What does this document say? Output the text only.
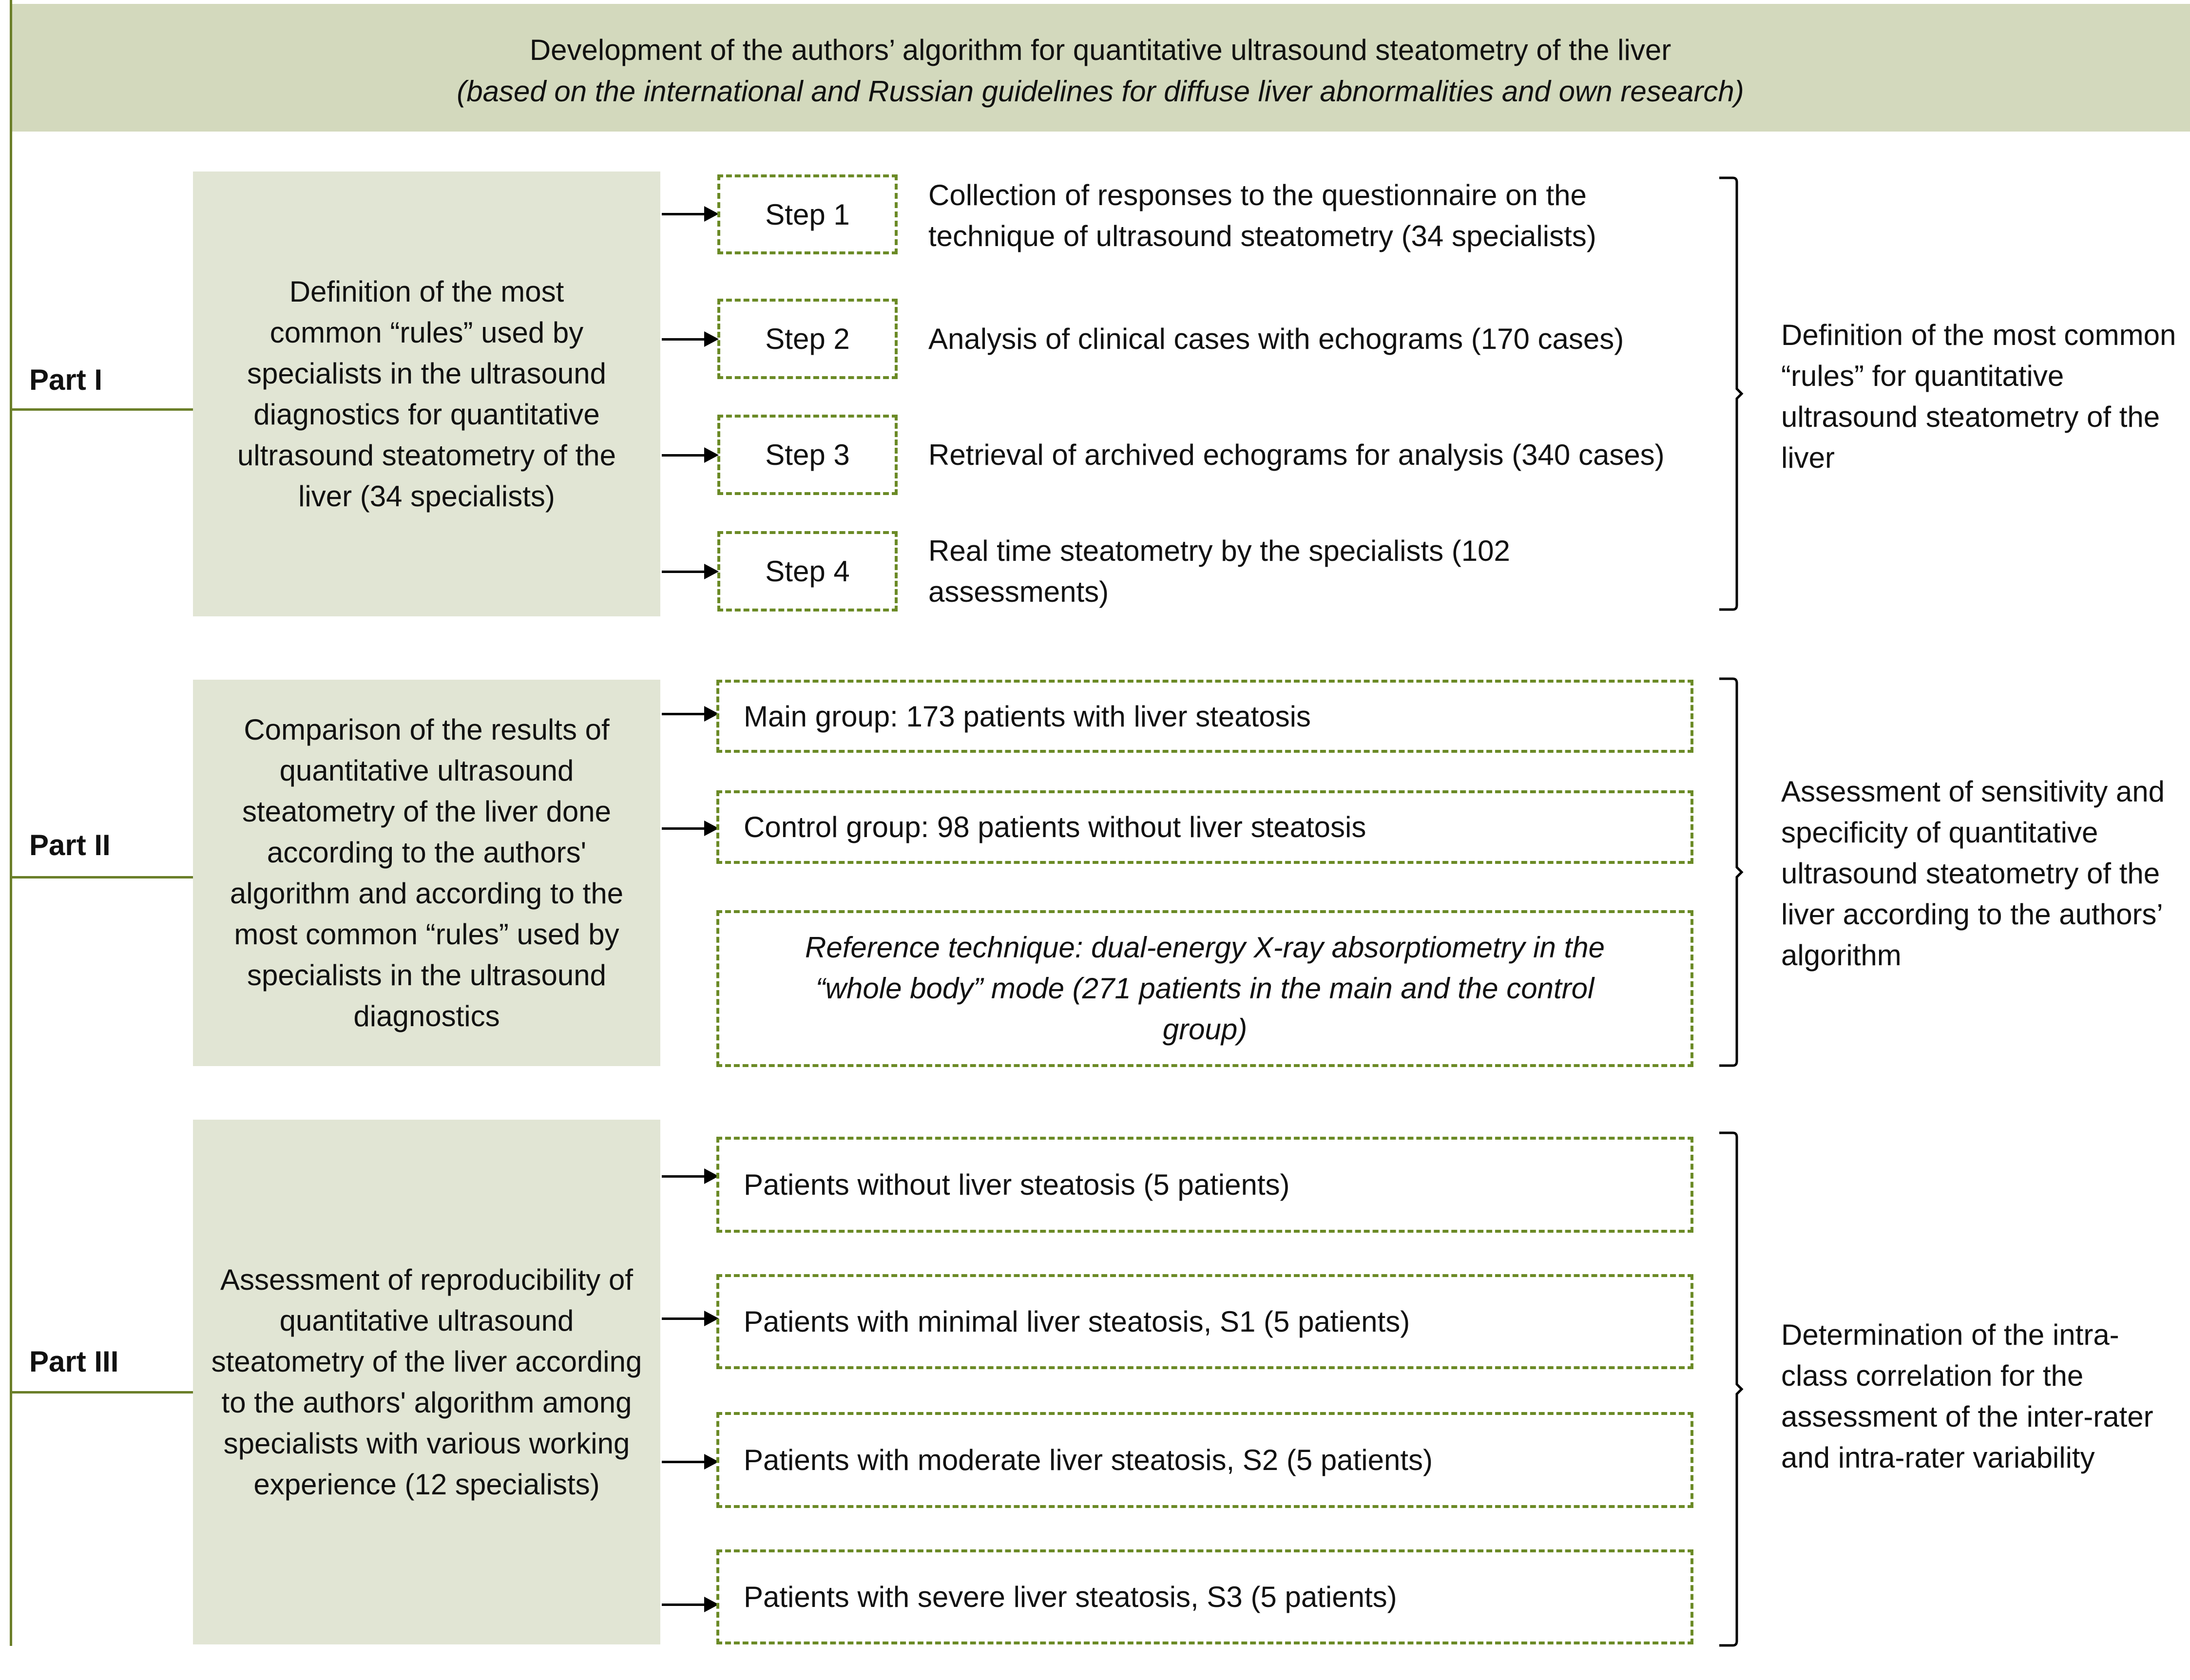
Development of the authors’ algorithm for quantitative ultrasound steatometry of the liver
(based on the international and Russian guidelines for diffuse liver abnormalities and own research)
Part I
Definition of the most common “rules” used by specialists in the ultrasound diagnostics for quantitative ultrasound steatometry of the liver (34 specialists)
Step 1
Step 2
Step 3
Step 4
Collection of responses to the questionnaire on the technique of ultrasound steatometry (34 specialists)
Analysis of clinical cases with echograms (170 cases)
Retrieval of archived echograms for analysis (340 cases)
Real time steatometry by the specialists (102 assessments)
Definition of the most common “rules” for quantitative ultrasound steatometry of the liver
Part II
Comparison of the results of quantitative ultrasound steatometry of the liver done according to the authors' algorithm and according to the most common “rules” used by specialists in the ultrasound diagnostics
Main group: 173 patients with liver steatosis
Control group: 98 patients without liver steatosis
Reference technique: dual-energy X-ray absorptiometry in the “whole body” mode (271 patients in the main and the control group)
Assessment of sensitivity and specificity of quantitative ultrasound steatometry of the liver according to the authors’ algorithm
Part III
Assessment of reproducibility of quantitative ultrasound steatometry of the liver according to the authors' algorithm among specialists with various working experience (12 specialists)
Patients without liver steatosis (5 patients)
Patients with minimal liver steatosis, S1 (5 patients)
Patients with moderate liver steatosis, S2 (5 patients)
Patients with severe liver steatosis, S3 (5 patients)
Determination of the intra-class correlation for the assessment of the inter-rater and intra-rater variability
